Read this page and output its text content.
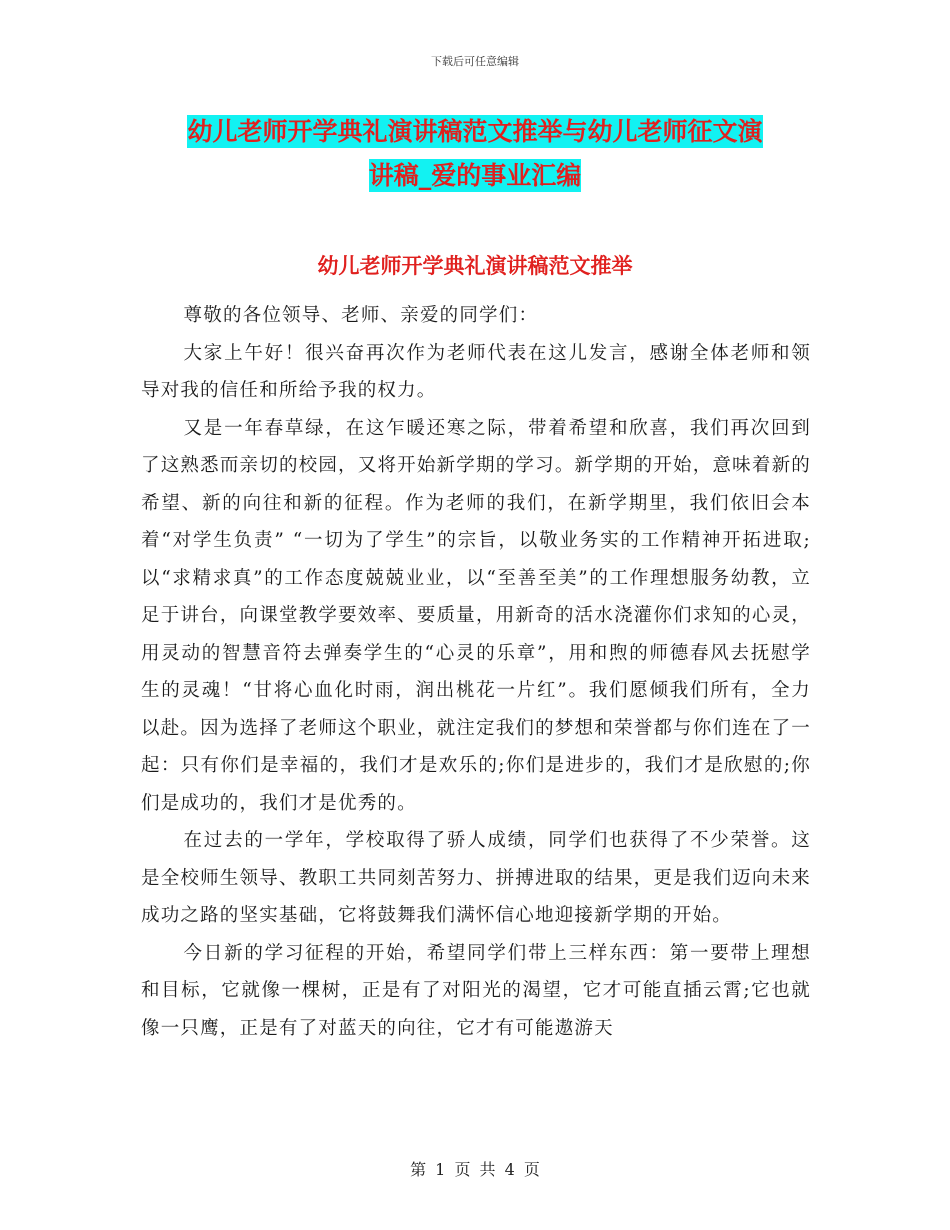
下载后可任意编辑
幼儿老师开学典礼演讲稿范文推举与幼儿老师征文演
讲稿_爱的事业汇编
幼儿老师开学典礼演讲稿范文推举

尊敬的各位领导、老师、亲爱的同学们：

大家上午好！很兴奋再次作为老师代表在这儿发言，感谢全体老师和领导对我的信任和所给予我的权力。

又是一年春草绿，在这乍暖还寒之际，带着希望和欣喜，我们再次回到了这熟悉而亲切的校园，又将开始新学期的学习。新学期的开始，意味着新的希望、新的向往和新的征程。作为老师的我们，在新学期里，我们依旧会本着“对学生负责” “一切为了学生”的宗旨，以敬业务实的工作精神开拓进取;以“求精求真”的工作态度兢兢业业，以“至善至美”的工作理想服务幼教，立足于讲台，向课堂教学要效率、要质量，用新奇的活水浇灌你们求知的心灵，用灵动的智慧音符去弹奏学生的“心灵的乐章”，用和煦的师德春风去抚慰学生的灵魂！“甘将心血化时雨，润出桃花一片红”。我们愿倾我们所有，全力以赴。因为选择了老师这个职业，就注定我们的梦想和荣誉都与你们连在了一起：只有你们是幸福的，我们才是欢乐的;你们是进步的，我们才是欣慰的;你们是成功的，我们才是优秀的。

在过去的一学年，学校取得了骄人成绩，同学们也获得了不少荣誉。这是全校师生领导、教职工共同刻苦努力、拼搏进取的结果，更是我们迈向未来成功之路的坚实基础，它将鼓舞我们满怀信心地迎接新学期的开始。

今日新的学习征程的开始，希望同学们带上三样东西：第一要带上理想和目标，它就像一棵树，正是有了对阳光的渴望，它才可能直插云霄;它也就像一只鹰，正是有了对蓝天的向往，它才有可能遨游天

第 1 页 共 4 页
